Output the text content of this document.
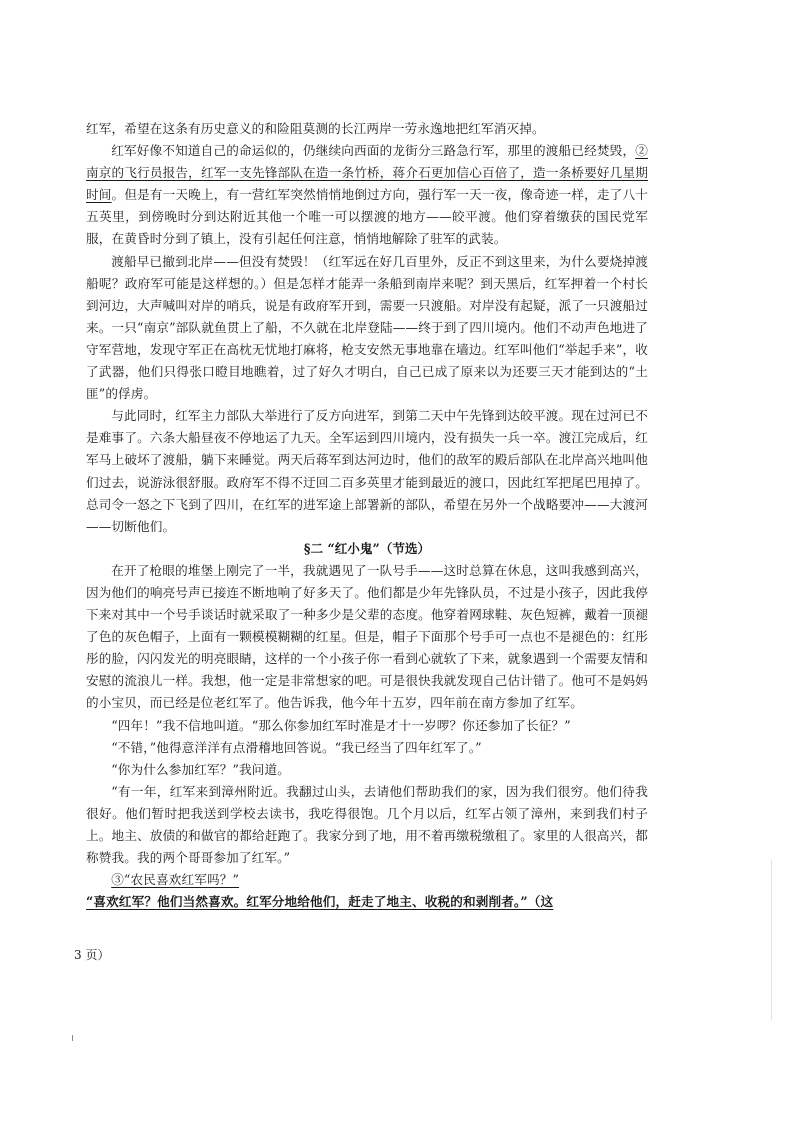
红军，希望在这条有历史意义的和险阻莫测的长江两岸一劳永逸地把红军消灭掉。

红军好像不知道自己的命运似的，仍继续向西面的龙街分三路急行军，那里的渡船已经焚毁，②南京的飞行员报告，红军一支先锋部队在造一条竹桥，蒋介石更加信心百倍了，造一条桥要好几星期时间。但是有一天晚上，有一营红军突然悄悄地倒过方向，强行军一天一夜，像奇迹一样，走了八十五英里，到傍晚时分到达附近其他一个唯一可以摆渡的地方——皎平渡。他们穿着缴获的国民党军服，在黄昏时分到了镇上，没有引起任何注意，悄悄地解除了驻军的武装。

渡船早已撤到北岸——但没有焚毁！（红军远在好几百里外，反正不到这里来，为什么要烧掉渡船呢？政府军可能是这样想的。）但是怎样才能弄一条船到南岸来呢？到天黑后，红军押着一个村长到河边，大声喊叫对岸的哨兵，说是有政府军开到，需要一只渡船。对岸没有起疑，派了一只渡船过来。一只“南京”部队就鱼贯上了船，不久就在北岸登陆——终于到了四川境内。他们不动声色地进了守军营地，发现守军正在高枕无忧地打麻将，枪支安然无事地靠在墙边。红军叫他们“举起手来”，收了武器，他们只得张口瞪目地瞧着，过了好久才明白，自己已成了原来以为还要三天才能到达的“土匪”的俘虏。

与此同时，红军主力部队大举进行了反方向进军，到第二天中午先锋到达皎平渡。现在过河已不是难事了。六条大船昼夜不停地运了九天。全军运到四川境内，没有损失一兵一卒。渡江完成后，红军马上破坏了渡船，躺下来睡觉。两天后蒋军到达河边时，他们的敌军的殿后部队在北岸高兴地叫他们过去，说游泳很舒服。政府军不得不迂回二百多英里才能到最近的渡口，因此红军把尾巴甩掉了。总司令一怒之下飞到了四川，在红军的进军途上部署新的部队，希望在另外一个战略要冲——大渡河——切断他们。

§二 “红小鬼”（节选）

在开了枪眼的堆堡上刚完了一半，我就遇见了一队号手——这时总算在休息，这叫我感到高兴，因为他们的响亮号声已接连不断地响了好多天了。他们都是少年先锋队员，不过是小孩子，因此我停下来对其中一个号手谈话时就采取了一种多少是父辈的态度。他穿着网球鞋、灰色短裤，戴着一顶褪了色的灰色帽子，上面有一颗模模糊糊的红星。但是，帽子下面那个号手可一点也不是褪色的：红彤彤的脸，闪闪发光的明亮眼睛，这样的一个小孩子你一看到心就软了下来，就象遇到一个需要友情和安慰的流浪儿一样。我想，他一定是非常想家的吧。可是很快我就发现自己估计错了。他可不是妈妈的小宝贝，而已经是位老红军了。他告诉我，他今年十五岁，四年前在南方参加了红军。

“四年！”我不信地叫道。“那么你参加红军时准是才十一岁啰？你还参加了长征？”

“不错，”他得意洋洋有点滑稽地回答说。“我已经当了四年红军了。”

“你为什么参加红军？”我问道。

“有一年，红军来到漳州附近。我翻过山头，去请他们帮助我们的家，因为我们很穷。他们待我很好。他们暂时把我送到学校去读书，我吃得很饱。几个月以后，红军占领了漳州，来到我们村子上。地主、放债的和做官的都给赶跑了。我家分到了地，用不着再缴税缴租了。家里的人很高兴，都称赞我。我的两个哥哥参加了红军。”

③“农民喜欢红军吗？”

“喜欢红军？他们当然喜欢。红军分地给他们，赶走了地主、收税的和剥削者。”（这

3 页）
